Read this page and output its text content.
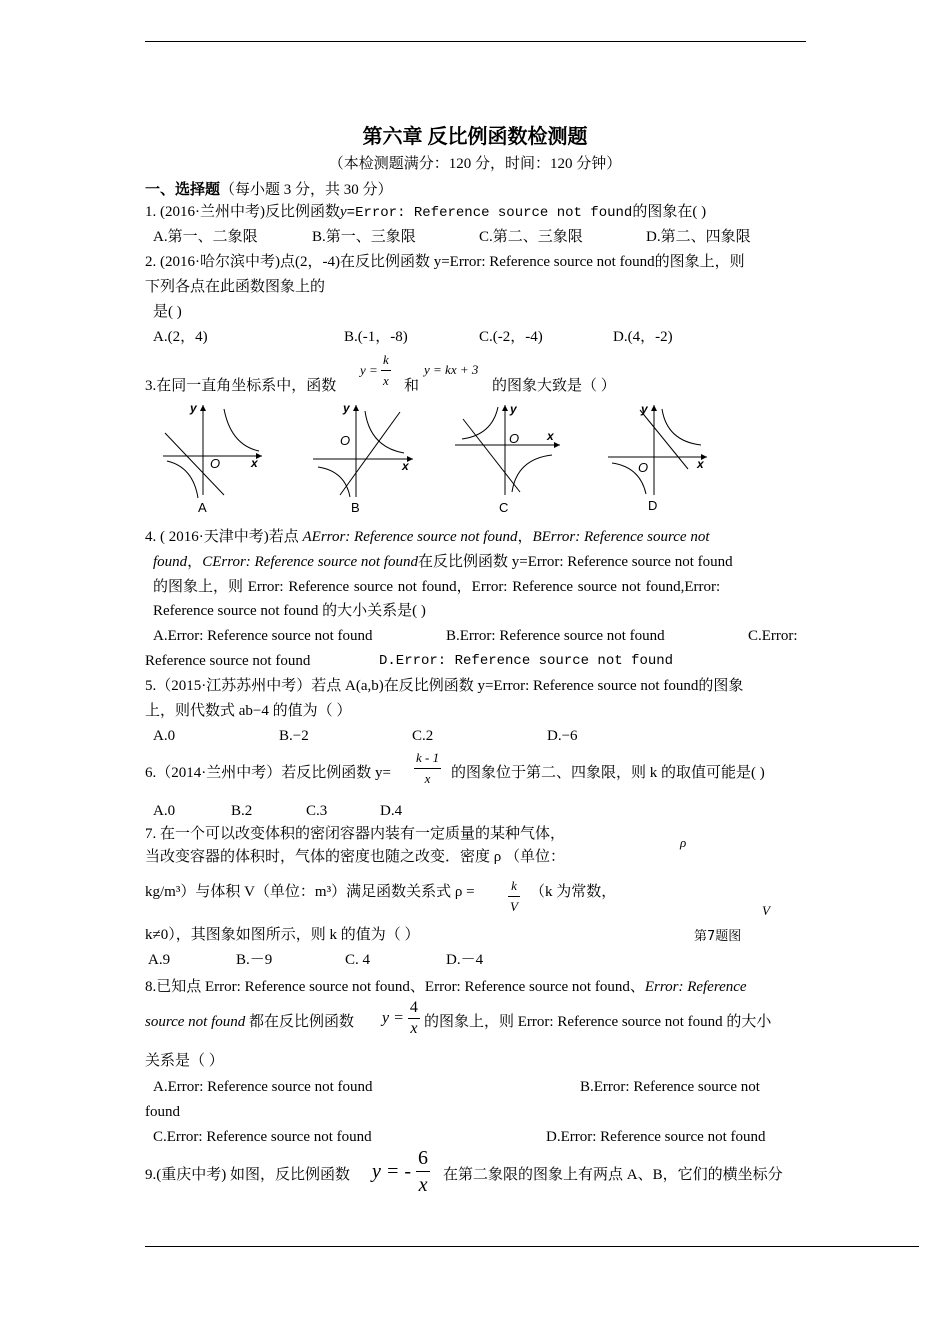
第六章 反比例函数检测题
（本检测题满分：120 分，时间：120 分钟）
一、选择题（每小题 3 分，共 30 分）
1. (2016·兰州中考)反比例函数y=Error: Reference source not found的图象在( )
A.第一、二象限	B.第一、三象限	C.第二、三象限	D.第二、四象限
2. (2016·哈尔滨中考)点(2，-4)在反比例函数 y=Error: Reference source not found的图象上，则
下列各点在此函数图象上的
是( )
A.(2，4)	B.(-1，-8)	C.(-2，-4)	D.(4，-2)
3.在同一直角坐标系中，函数
$y = \frac{k}{x}$ 和
y = kx + 3
的图象大致是（ ）
y
x
O
A
y
x
O
B
y
x
O
C
y
x
O
D
4. ( 2016·天津中考)若点 AError: Reference source not found，BError: Reference source not
found，CError: Reference source not found在反比例函数 y=Error: Reference source not found
的图象上，则 Error: Reference source not found，Error: Reference source not found,Error:
Reference source not found 的大小关系是( )
A.Error: Reference source not found	B.Error: Reference source not found	C.Error:
Reference source not found	D.Error: Reference source not found
5.（2015·江苏苏州中考）若点 A(a,b)在反比例函数 y=Error: Reference source not found的图象
上，则代数式 ab−4 的值为（ ）
A.0	B.−2	C.2	D.−6
6.（2014·兰州中考）若反比例函数 $y= \frac{k - 1}{x}$ 的图象位于第二、四象限，则 k 的取值可能是( )
A.0	B.2	C.3	D.4
7. 在一个可以改变体积的密闭容器内装有一定质量的某种气体，
当改变容器的体积时，气体的密度也随之改变．密度 ρ （单位：
ρ
kg/m³）与体积 V（单位：m³）满足函数关系式 ρ =	$\frac{k}{V} (k$ 为常数，
V
k≠0），其图象如图所示，则 k 的值为（ ）	第7题图
A.9	B.－9	C. 4	D.－4
8.已知点 Error: Reference source not found、Error: Reference source not found、Error: Reference
source not found 都在反比例函数 $y = \frac{4}{x}$ 的图象上，则 Error: Reference source not found 的大小
关系是（ ）
A.Error: Reference source not found	B.Error: Reference source not
found
C.Error: Reference source not found	D.Error: Reference source not found
9.(重庆中考) 如图，反比例函数 y = - $\frac{6}{x}$ 在第二象限的图象上有两点 A、B，它们的横坐标分
